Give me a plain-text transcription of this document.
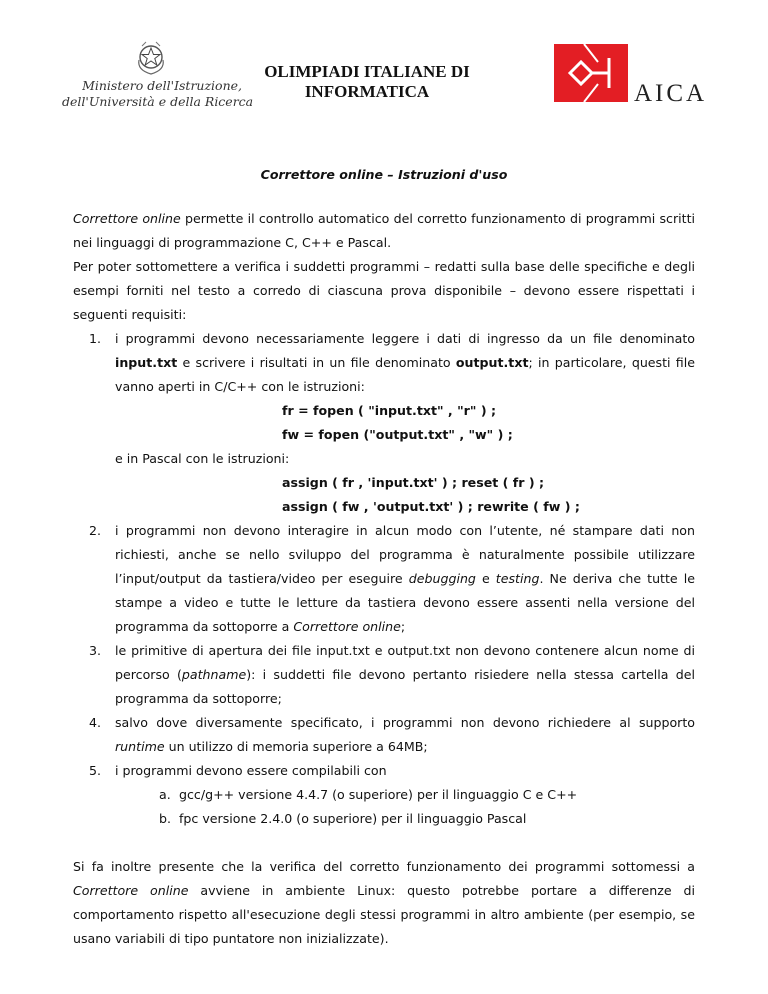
Ministero dell'Istruzione,
dell'Università e della Ricerca
OLIMPIADI ITALIANE DI
INFORMATICA	AICA
Correttore online – Istruzioni d'uso

Correttore online permette il controllo automatico del corretto funzionamento di programmi scritti nei linguaggi di programmazione C, C++ e Pascal.

Per poter sottomettere a verifica i suddetti programmi – redatti sulla base delle specifiche e degli esempi forniti nel testo a corredo di ciascuna prova disponibile – devono essere rispettati i seguenti requisiti:

1. i programmi devono necessariamente leggere i dati di ingresso da un file denominato input.txt e scrivere i risultati in un file denominato output.txt; in particolare, questi file vanno aperti in C/C++ con le istruzioni:
fr = fopen ( "input.txt" , "r" ) ;
fw = fopen ("output.txt" , "w" ) ;
e in Pascal con le istruzioni:
assign ( fr , 'input.txt' ) ; reset ( fr ) ;
assign ( fw , 'output.txt' ) ; rewrite ( fw ) ;
2. i programmi non devono interagire in alcun modo con l’utente, né stampare dati non richiesti, anche se nello sviluppo del programma è naturalmente possibile utilizzare l’input/output da tastiera/video per eseguire debugging e testing. Ne deriva che tutte le stampe a video e tutte le letture da tastiera devono essere assenti nella versione del programma da sottoporre a Correttore online;
3. le primitive di apertura dei file input.txt e output.txt non devono contenere alcun nome di percorso (pathname): i suddetti file devono pertanto risiedere nella stessa cartella del programma da sottoporre;
4. salvo dove diversamente specificato, i programmi non devono richiedere al supporto runtime un utilizzo di memoria superiore a 64MB;
5. i programmi devono essere compilabili con
a. gcc/g++ versione 4.4.7 (o superiore) per il linguaggio C e C++
b. fpc versione 2.4.0 (o superiore) per il linguaggio Pascal

Si fa inoltre presente che la verifica del corretto funzionamento dei programmi sottomessi a Correttore online avviene in ambiente Linux: questo potrebbe portare a differenze di comportamento rispetto all'esecuzione degli stessi programmi in altro ambiente (per esempio, se usano variabili di tipo puntatore non inizializzate).
